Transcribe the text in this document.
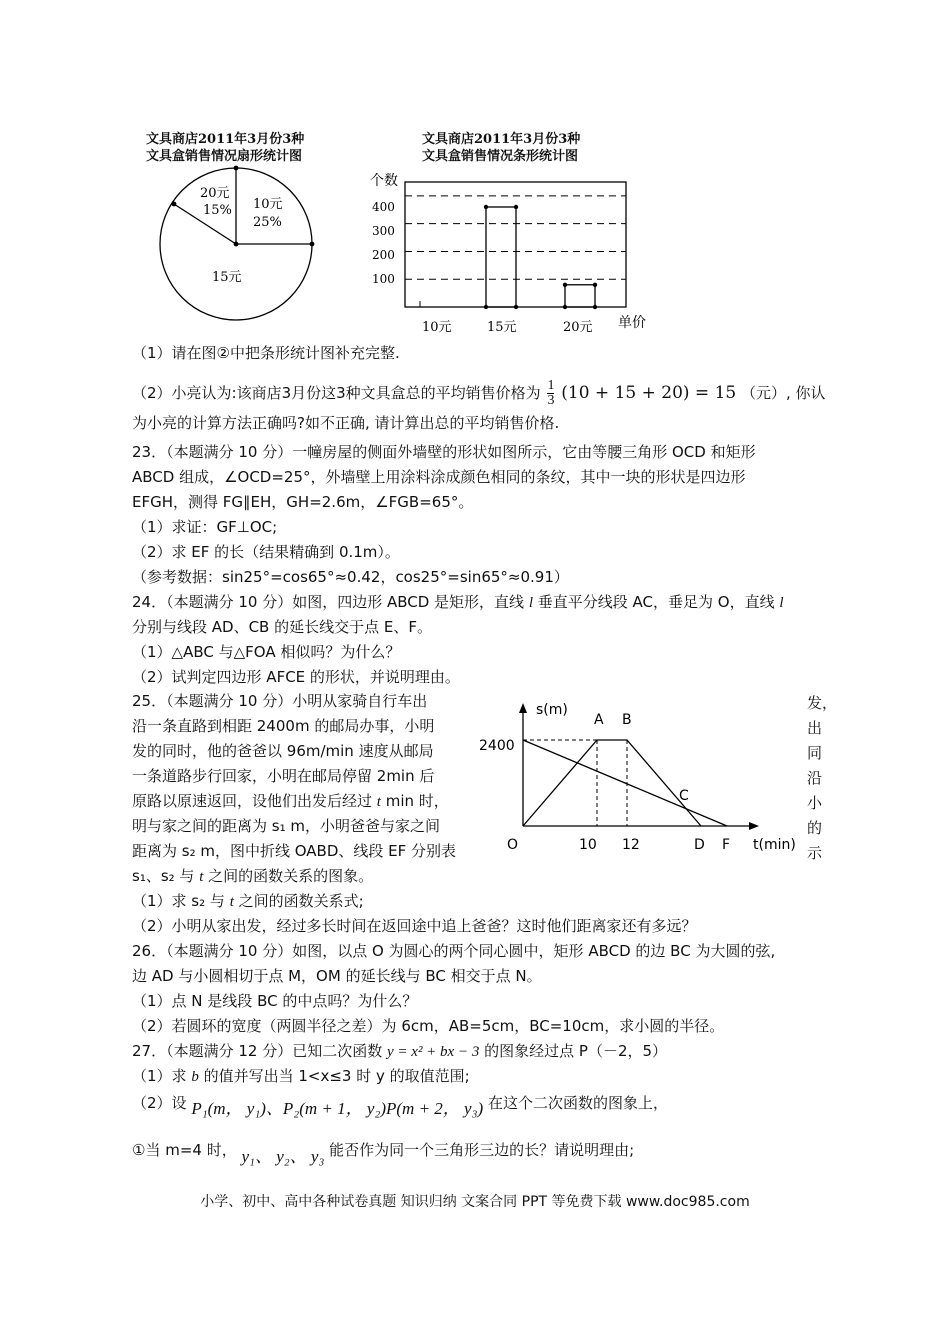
文具商店2011年3月份3种
文具盒销售情况扇形统计图
10元
25%
20元
15%
15元
文具商店2011年3月份3种
文具盒销售情况条形统计图
个数
400
300
200
100
10元	15元	20元 单价
（1）请在图②中把条形统计图补充完整.
（2）小亮认为:该商店3月份这3种文具盒总的平均销售价格为 $\frac{1}{3} (10 + 15 + 20) = 15$ （元）, 你认
为小亮的计算方法正确吗?如不正确, 请计算出总的平均销售价格.
23．（本题满分 10 分）一幢房屋的侧面外墙壁的形状如图所示，它由等腰三角形 OCD 和矩形
ABCD 组成，∠OCD=25°，外墙壁上用涂料涂成颜色相同的条纹，其中一块的形状是四边形
EFGH，测得 FG∥EH，GH=2.6m，∠FGB=65°。
（1）求证：GF⊥OC;
（2）求 EF 的长（结果精确到 0.1m）。
（参考数据：sin25°=cos65°≈0.42，cos25°=sin65°≈0.91）
24．（本题满分 10 分）如图，四边形 ABCD 是矩形，直线 l 垂直平分线段 AC，垂足为 O，直线 l
分别与线段 AD、CB 的延长线交于点 E、F。
（1）△ABC 与△FOA 相似吗？为什么？
（2）试判定四边形 AFCE 的形状，并说明理由。
25．（本题满分 10 分）小明从家骑自行车出
沿一条直路到相距 2400m 的邮局办事，小明
发的同时，他的爸爸以 96m/min 速度从邮局
一条道路步行回家，小明在邮局停留 2min 后
原路以原速返回，设他们出发后经过 t min 时，
明与家之间的距离为 s₁ m，小明爸爸与家之间
距离为 s₂ m，图中折线 OABD、线段 EF 分别表
s₁、s₂ 与 t 之间的函数关系的图象。
发，
出
同
沿
小
的
示
s(m)
2400
O	10 12	D F t(min)
A B
C
（1）求 s₂ 与 t 之间的函数关系式;
（2）小明从家出发，经过多长时间在返回途中追上爸爸？这时他们距离家还有多远？
26．（本题满分 10 分）如图，以点 O 为圆心的两个同心圆中，矩形 ABCD 的边 BC 为大圆的弦,
边 AD 与小圆相切于点 M，OM 的延长线与 BC 相交于点 N。
（1）点 N 是线段 BC 的中点吗？为什么？
（2）若圆环的宽度（两圆半径之差）为 6cm，AB=5cm，BC=10cm，求小圆的半径。
27．（本题满分 12 分）已知二次函数 y = x² + bx − 3 的图象经过点 P（－2，5）
（1）求 b 的值并写出当 1<x≤3 时 y 的取值范围;
（2）设 P₁(m， y₁)、P₂(m + 1， y₂)P(m + 2， y₃) 在这个二次函数的图象上，
①当 m=4 时， y₁、 y₂、 y₃ 能否作为同一个三角形三边的长？请说明理由;
小学、初中、高中各种试卷真题 知识归纳 文案合同 PPT 等免费下载 www.doc985.com
